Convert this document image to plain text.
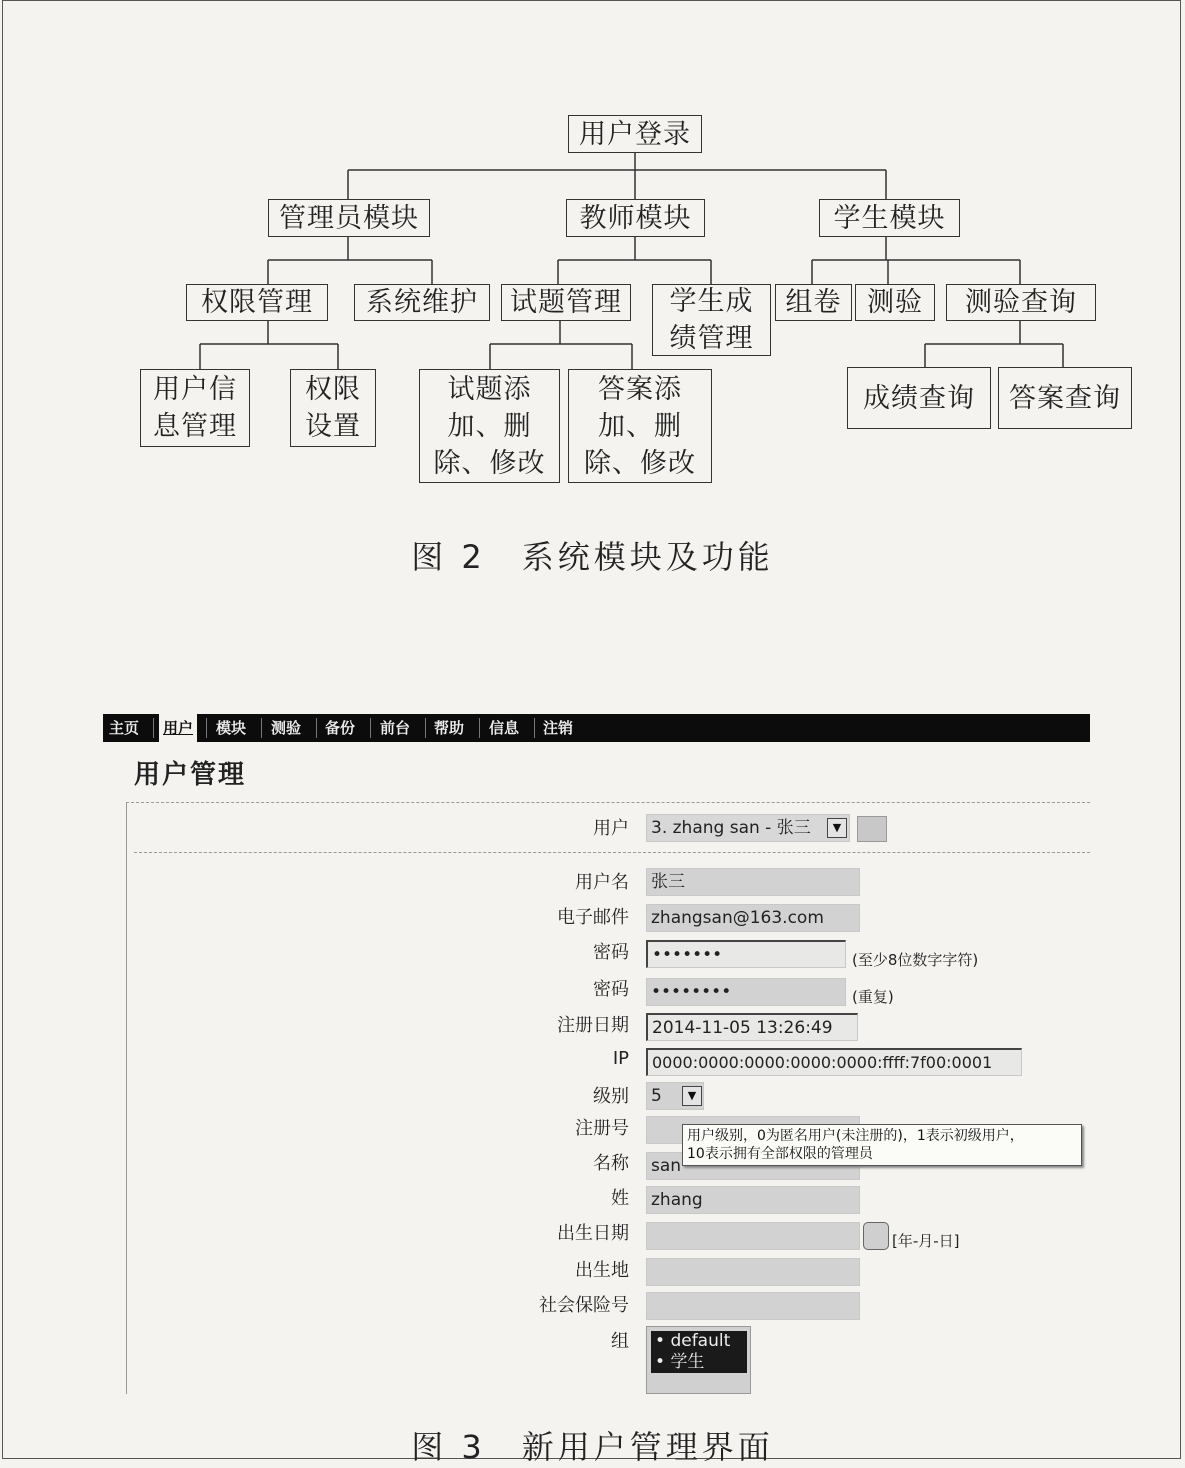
用户登录
管理员模块	教师模块	学生模块
权限管理	系统维护	试题管理	学生成
绩管理
组卷 测验	测验查询
用户信
息管理
权限
设置
试题添
加、删
除、修改
答案添
加、删
除、修改
成绩查询	答案查询
图 2 系统模块及功能
主页	用户 模块 测验 备份 前台 帮助 信息 注销
用户管理
用户 3. zhang san - 张三	▼
用户名 张三
电子邮件 zhangsan@163.com
密码	•••••••	(至少8位数字字符)
密码 ••••••••	(重复)
注册日期	2014-11-05 13:26:49
IP	0000:0000:0000:0000:0000:ffff:7f00:0001
级别 5	▼
注册号
名称 san
用户级别，0为匿名用户(未注册的)，1表示初级用户，
10表示拥有全部权限的管理员
姓 zhang
出生日期	[年-月-日]
出生地
社会保险号
组 • default
• 学生
图 3 新用户管理界面
